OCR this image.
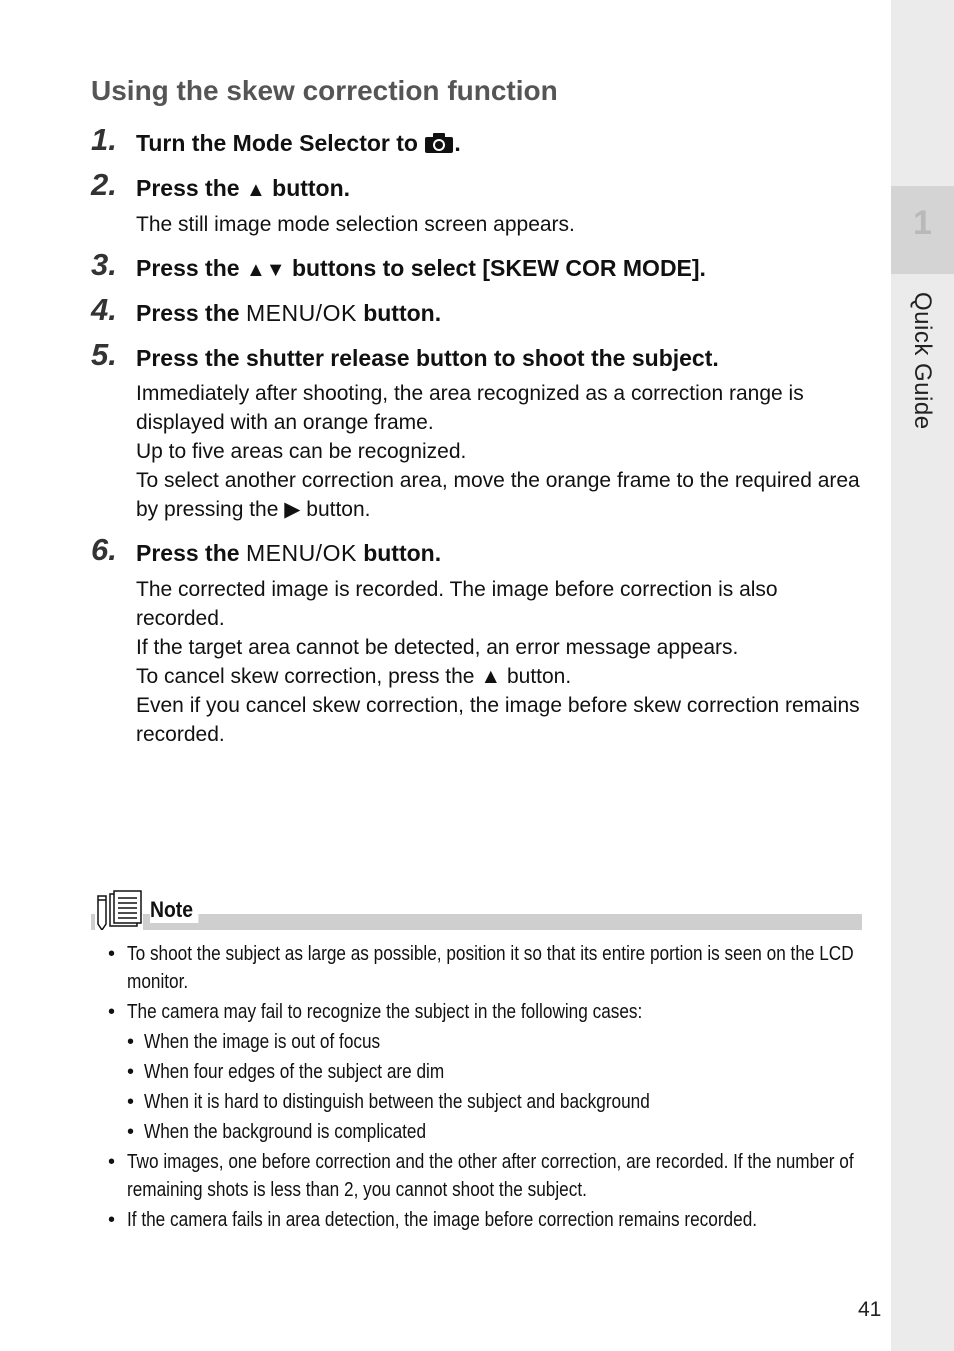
1
Quick Guide
Using the skew correction function
1. Turn the Mode Selector to .
2. Press the ▲ button.
The still image mode selection screen appears.
3. Press the ▲▼ buttons to select [SKEW COR MODE].
4. Press the MENU/OK button.
5. Press the shutter release button to shoot the subject.
Immediately after shooting, the area recognized as a correction range is displayed with an orange frame.
Up to five areas can be recognized.
To select another correction area, move the orange frame to the required area by pressing the ▶ button.
6. Press the MENU/OK button.
The corrected image is recorded. The image before correction is also recorded.
If the target area cannot be detected, an error message appears.
To cancel skew correction, press the ▲ button.
Even if you cancel skew correction, the image before skew correction remains recorded.
Note
• To shoot the subject as large as possible, position it so that its entire portion is seen on the LCD monitor.
• The camera may fail to recognize the subject in the following cases:
• When the image is out of focus
• When four edges of the subject are dim
• When it is hard to distinguish between the subject and background
• When the background is complicated
• Two images, one before correction and the other after correction, are recorded. If the number of remaining shots is less than 2, you cannot shoot the subject.
• If the camera fails in area detection, the image before correction remains recorded.
41
